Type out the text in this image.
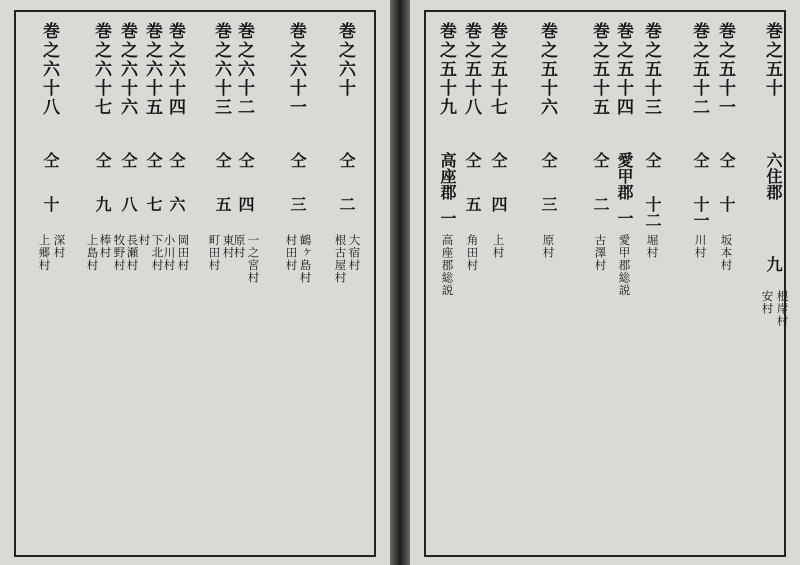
巻之六十
仝
二
大宿村
根古屋村
巻之六十一
仝
三
鶴ヶ島村
村田村
巻之六十二
仝
四
一之宮村
原村
巻之六十三
仝
五
東村
町田村
巻之六十四
仝
六
岡田村
小川村
巻之六十五
仝
七
下北村
村
巻之六十六
仝
八
長瀬村
牧野村
巻之六十七
仝
九
棒村
上島村
巻之六十八
仝
十
深村
上郷村
巻之五十
六住郡
九
根岸村
安村
巻之五十一
仝
十
坂本村
巻之五十二
仝
十一
川村
巻之五十三
仝
十二
堀村
巻之五十四
愛甲郡
一
愛甲郡総説
巻之五十五
仝
二
古澤村
巻之五十六
仝
三
原村
巻之五十七
仝
四
上村
巻之五十八
仝
五
角田村
巻之五十九
高座郡
一
高座郡総説
